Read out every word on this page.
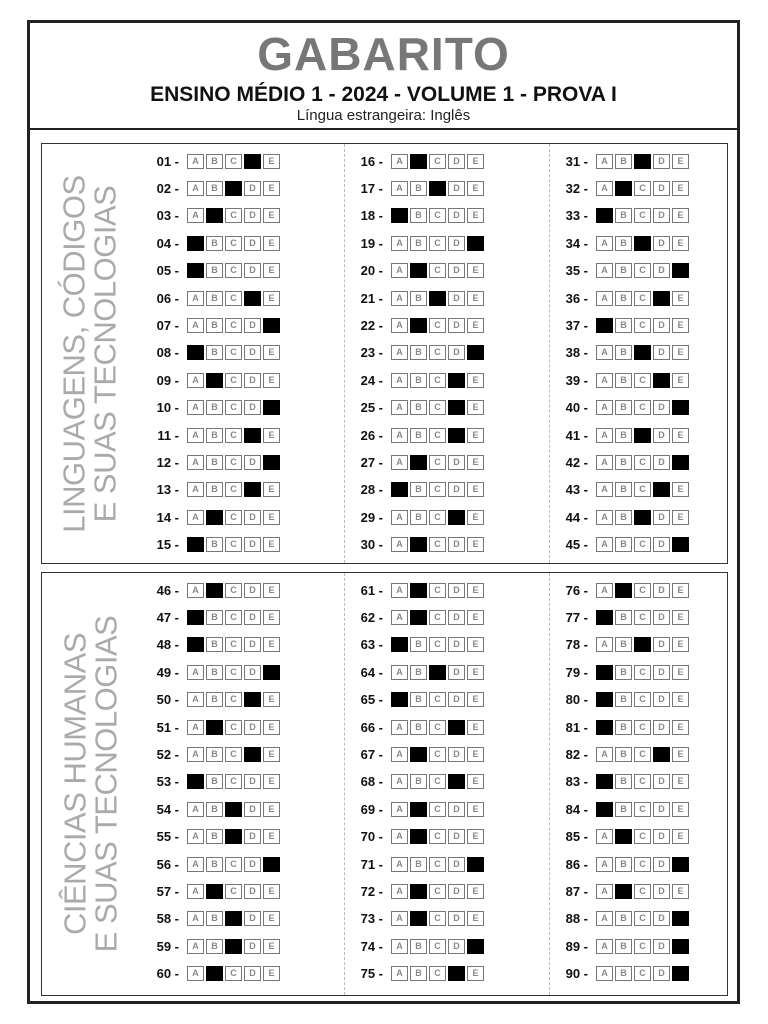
GABARITO
ENSINO MÉDIO 1 - 2024 - VOLUME 1 - PROVA I
Língua estrangeira: Inglês
LINGUAGENS, CÓDIGOS
E SUAS TECNOLOGIAS
01 -	A	B	C	D	E
02 -	A	B	C	D	E
03 -	A	B	C	D	E
04 -	A	B	C	D	E
05 -	A	B	C	D	E
06 -	A	B	C	D	E
07 -	A	B	C	D	E
08 -	A	B	C	D	E
09 -	A	B	C	D	E
10 -	A	B	C	D	E
11 -	A	B	C	D	E
12 -	A	B	C	D	E
13 -	A	B	C	D	E
14 -	A	B	C	D	E
15 -	A	B	C	D	E
16 -	A	B	C	D	E
17 -	A	B	C	D	E
18 -	A	B	C	D	E
19 -	A	B	C	D	E
20 -	A	B	C	D	E
21 -	A	B	C	D	E
22 -	A	B	C	D	E
23 -	A	B	C	D	E
24 -	A	B	C	D	E
25 -	A	B	C	D	E
26 -	A	B	C	D	E
27 -	A	B	C	D	E
28 -	A	B	C	D	E
29 -	A	B	C	D	E
30 -	A	B	C	D	E
31 -	A	B	C	D	E
32 -	A	B	C	D	E
33 -	A	B	C	D	E
34 -	A	B	C	D	E
35 -	A	B	C	D	E
36 -	A	B	C	D	E
37 -	A	B	C	D	E
38 -	A	B	C	D	E
39 -	A	B	C	D	E
40 -	A	B	C	D	E
41 -	A	B	C	D	E
42 -	A	B	C	D	E
43 -	A	B	C	D	E
44 -	A	B	C	D	E
45 -	A	B	C	D	E
CIÊNCIAS HUMANAS
E SUAS TECNOLOGIAS
46 -	A	B	C	D	E
47 -	A	B	C	D	E
48 -	A	B	C	D	E
49 -	A	B	C	D	E
50 -	A	B	C	D	E
51 -	A	B	C	D	E
52 -	A	B	C	D	E
53 -	A	B	C	D	E
54 -	A	B	C	D	E
55 -	A	B	C	D	E
56 -	A	B	C	D	E
57 -	A	B	C	D	E
58 -	A	B	C	D	E
59 -	A	B	C	D	E
60 -	A	B	C	D	E
61 -	A	B	C	D	E
62 -	A	B	C	D	E
63 -	A	B	C	D	E
64 -	A	B	C	D	E
65 -	A	B	C	D	E
66 -	A	B	C	D	E
67 -	A	B	C	D	E
68 -	A	B	C	D	E
69 -	A	B	C	D	E
70 -	A	B	C	D	E
71 -	A	B	C	D	E
72 -	A	B	C	D	E
73 -	A	B	C	D	E
74 -	A	B	C	D	E
75 -	A	B	C	D	E
76 -	A	B	C	D	E
77 -	A	B	C	D	E
78 -	A	B	C	D	E
79 -	A	B	C	D	E
80 -	A	B	C	D	E
81 -	A	B	C	D	E
82 -	A	B	C	D	E
83 -	A	B	C	D	E
84 -	A	B	C	D	E
85 -	A	B	C	D	E
86 -	A	B	C	D	E
87 -	A	B	C	D	E
88 -	A	B	C	D	E
89 -	A	B	C	D	E
90 -	A	B	C	D	E
